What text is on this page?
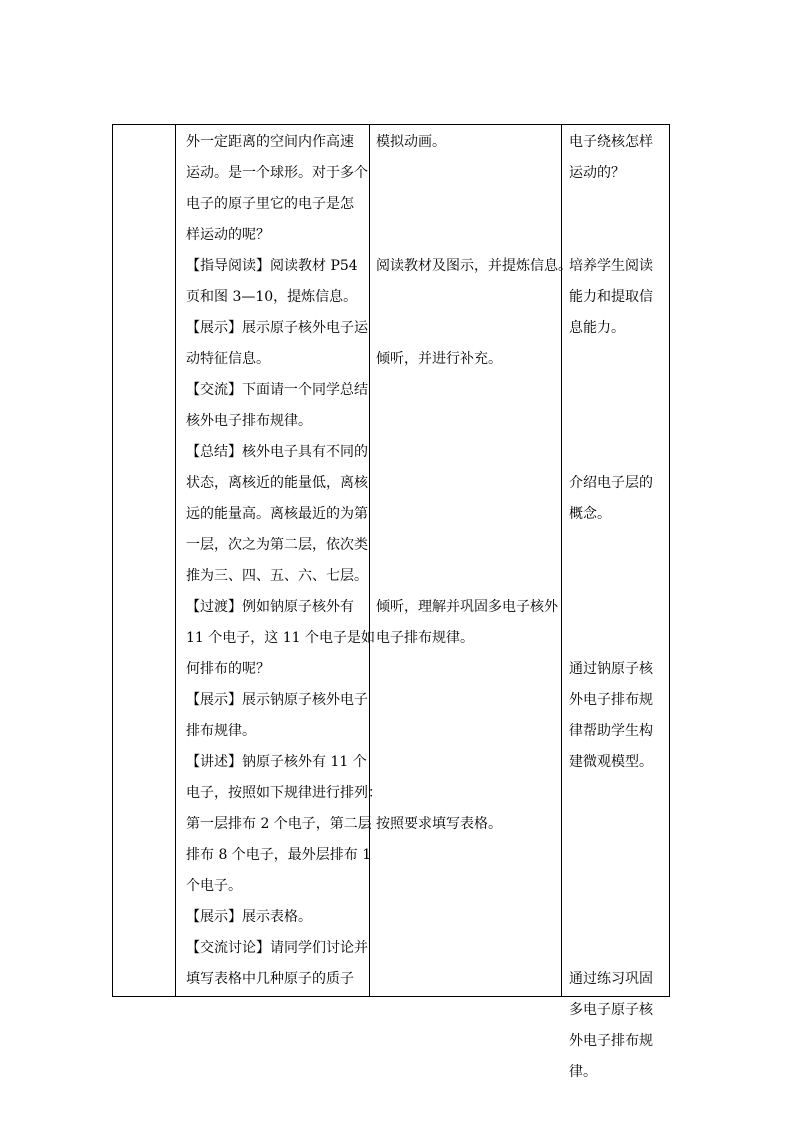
外一定距离的空间内作高速
运动。是一个球形。对于多个
电子的原子里它的电子是怎
样运动的呢？
【指导阅读】阅读教材 P54
页和图 3—10，提炼信息。
【展示】展示原子核外电子运
动特征信息。
【交流】下面请一个同学总结
核外电子排布规律。
【总结】核外电子具有不同的
状态，离核近的能量低，离核
远的能量高。离核最近的为第
一层，次之为第二层，依次类
推为三、四、五、六、七层。
【过渡】例如钠原子核外有
11 个电子，这 11 个电子是如
何排布的呢？
【展示】展示钠原子核外电子
排布规律。
【讲述】钠原子核外有 11 个
电子，按照如下规律进行排列：
第一层排布 2 个电子，第二层
排布 8 个电子，最外层排布 1
个电子。
【展示】展示表格。
【交流讨论】请同学们讨论并
填写表格中几种原子的质子
模拟动画。
阅读教材及图示，并提炼信息。
倾听，并进行补充。
倾听，理解并巩固多电子核外
电子排布规律。
按照要求填写表格。
电子绕核怎样
运动的？
培养学生阅读
能力和提取信
息能力。
介绍电子层的
概念。
通过钠原子核
外电子排布规
律帮助学生构
建微观模型。
通过练习巩固
多电子原子核
外电子排布规
律。
